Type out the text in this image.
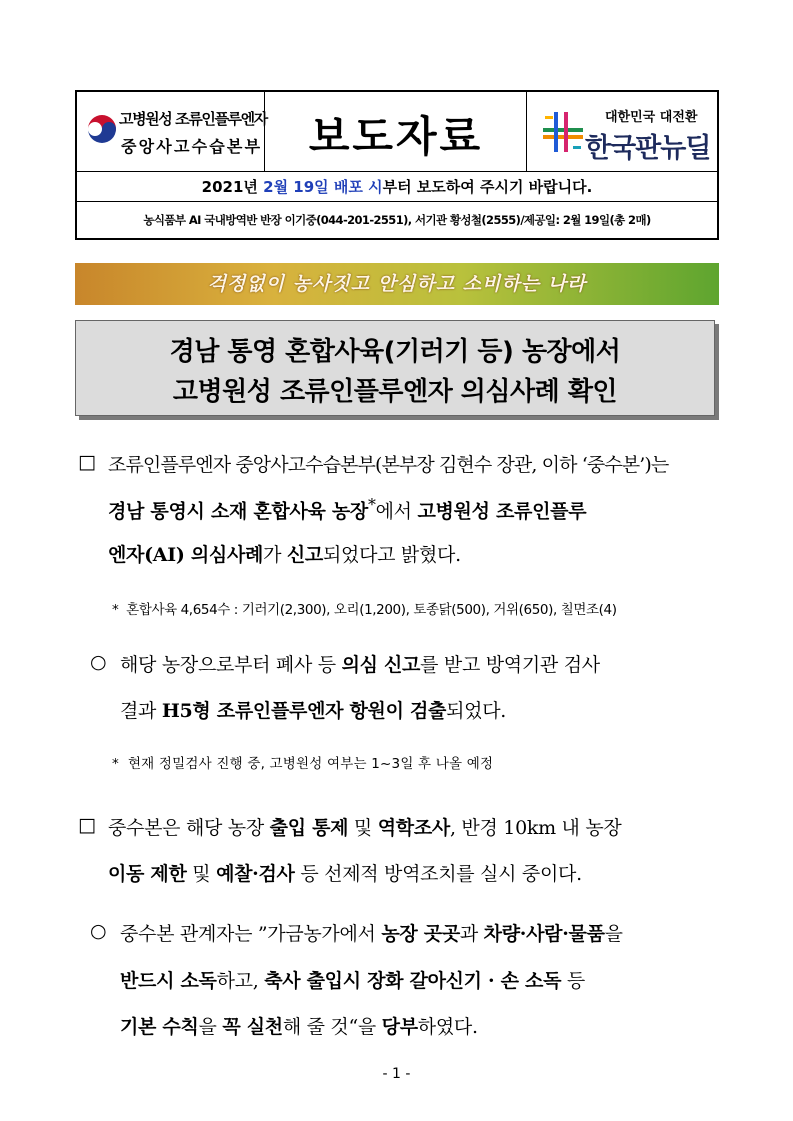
고병원성 조류인플루엔자
중앙사고수습본부	보도자료	대한민국 대전환
한국판뉴딜
2021년 2월 19일 배포 시부터 보도하여 주시기 바랍니다.
농식품부 AI 국내방역반 반장 이기중(044-201-2551), 서기관 황성철(2555)/제공일: 2월 19일(총 2매)
걱정없이 농사짓고 안심하고 소비하는 나라
경남 통영 혼합사육(기러기 등) 농장에서
고병원성 조류인플루엔자 의심사례 확인
□ 조류인플루엔자 중앙사고수습본부(본부장 김현수 장관, 이하 ‘중수본’)는
경남 통영시 소재 혼합사육 농장*에서 고병원성 조류인플루
엔자(AI) 의심사례가 신고되었다고 밝혔다.
* 혼합사육 4,654수 : 기러기(2,300), 오리(1,200), 토종닭(500), 거위(650), 칠면조(4)
○ 해당 농장으로부터 폐사 등 의심 신고를 받고 방역기관 검사
결과 H5형 조류인플루엔자 항원이 검출되었다.
* 현재 정밀검사 진행 중, 고병원성 여부는 1~3일 후 나올 예정
□ 중수본은 해당 농장 출입 통제 및 역학조사, 반경 10km 내 농장
이동 제한 및 예찰·검사 등 선제적 방역조치를 실시 중이다.
○ 중수본 관계자는 ”가금농가에서 농장 곳곳과 차량·사람·물품을
반드시 소독하고, 축사 출입시 장화 갈아신기 · 손 소독 등
기본 수칙을 꼭 실천해 줄 것“을 당부하였다.
- 1 -
